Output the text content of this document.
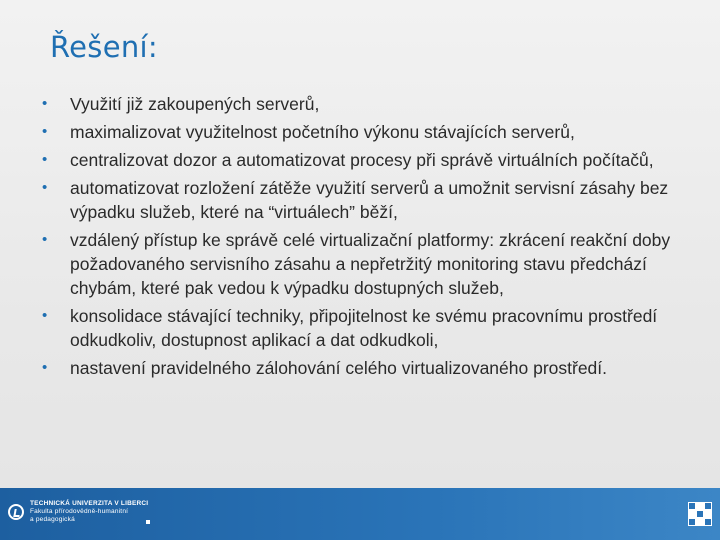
Řešení:
• Využití již zakoupených serverů,
• maximalizovat využitelnost početního výkonu stávajících serverů,
• centralizovat dozor a automatizovat procesy při správě virtuálních počítačů,
• automatizovat rozložení zátěže využití serverů a umožnit servisní zásahy bez výpadku služeb, které na “virtuálech” běží,
• vzdálený přístup ke správě celé virtualizační platformy: zkrácení reakční doby požadovaného servisního zásahu a nepřetržitý monitoring stavu předchází chybám, které pak vedou k výpadku dostupných služeb,
• konsolidace stávající techniky, připojitelnost ke svému pracovnímu prostředí odkudkoliv, dostupnost aplikací a dat odkudkoli,
• nastavení pravidelného zálohování celého virtualizovaného prostředí.
TECHNICKÁ UNIVERZITA V LIBERCI
Fakulta přírodovědně-humanitní
a pedagogická
